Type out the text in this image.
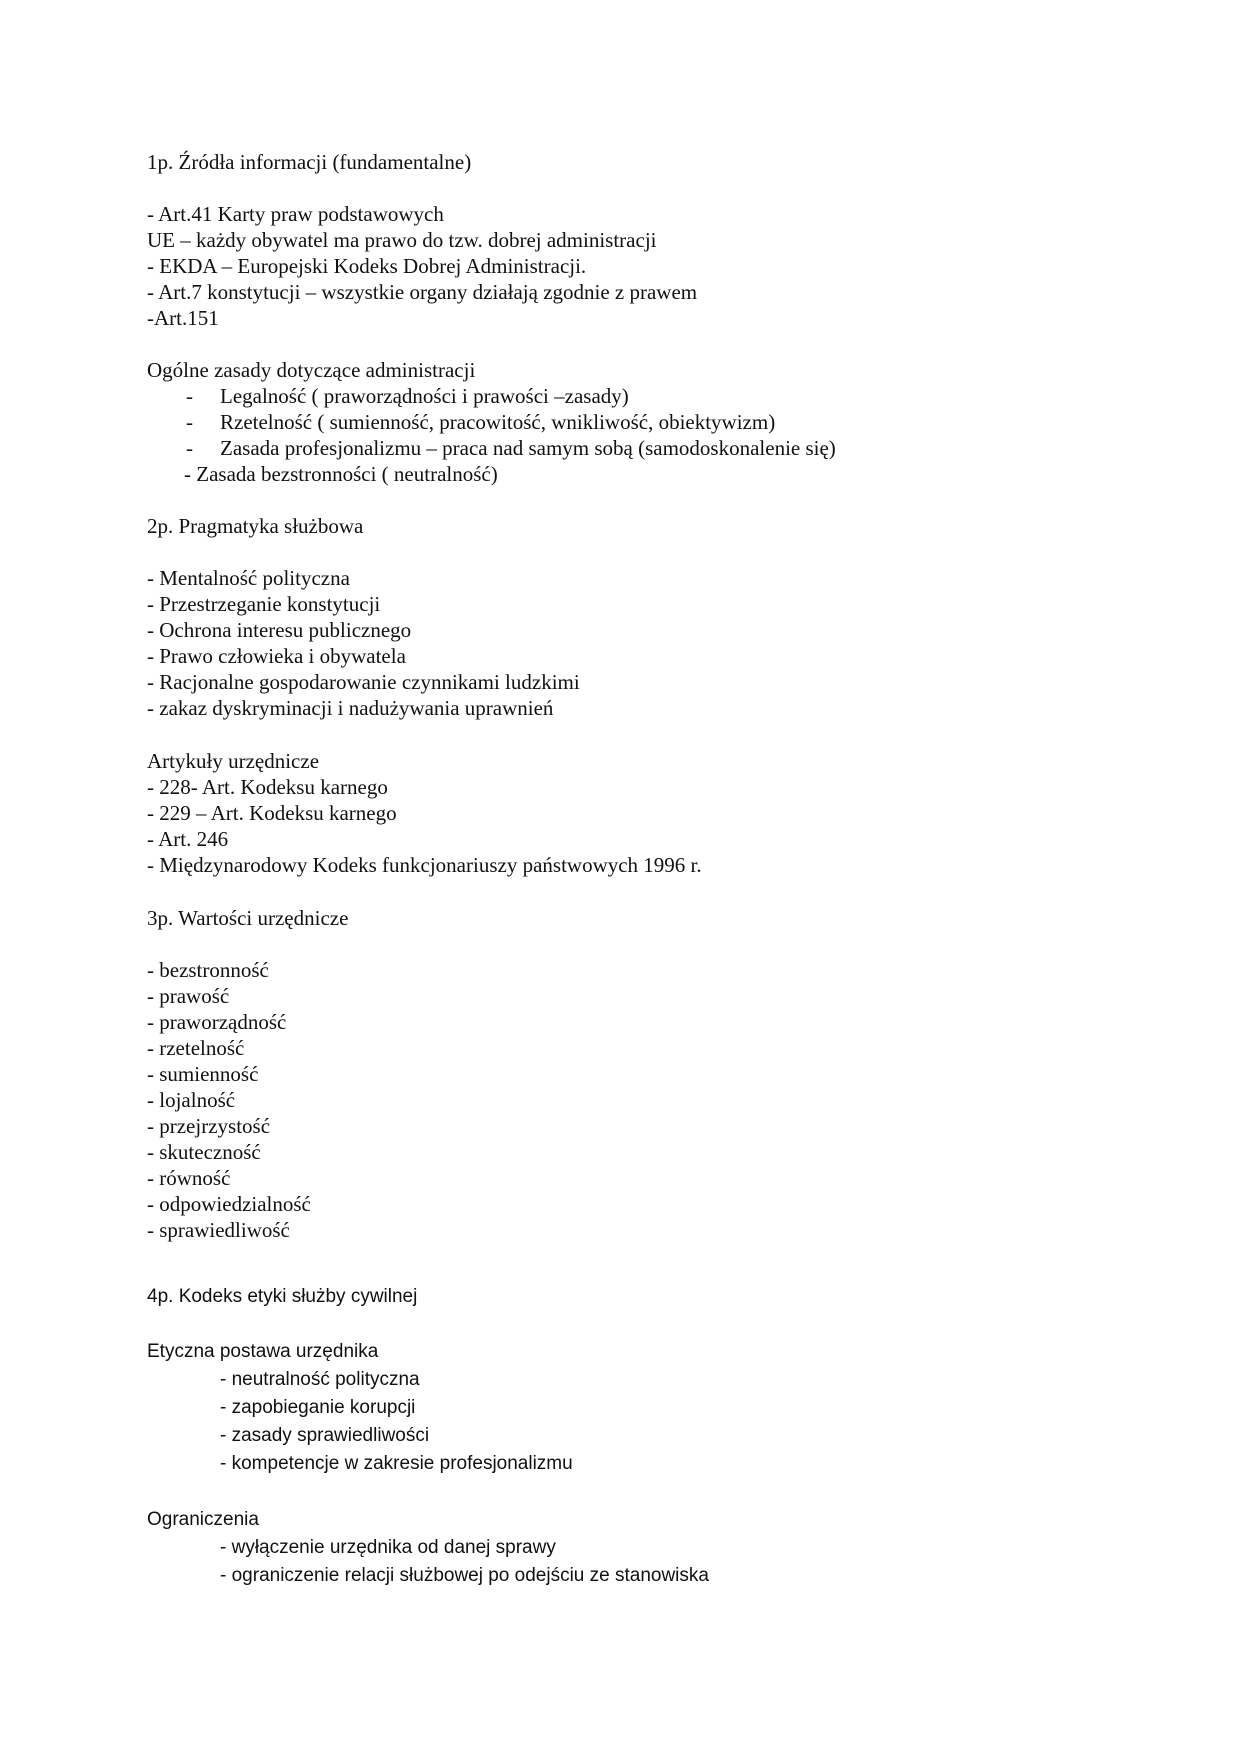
1p. Źródła informacji (fundamentalne)

- Art.41 Karty praw podstawowych

UE – każdy obywatel ma prawo do tzw. dobrej administracji

- EKDA – Europejski Kodeks Dobrej Administracji.

- Art.7 konstytucji – wszystkie organy działają zgodnie z prawem

-Art.151

Ogólne zasady dotyczące administracji

- Legalność ( praworządności i prawości –zasady)

- Rzetelność ( sumienność, pracowitość, wnikliwość, obiektywizm)

- Zasada profesjonalizmu – praca nad samym sobą (samodoskonalenie się)

- Zasada bezstronności ( neutralność)

2p. Pragmatyka służbowa

- Mentalność polityczna

- Przestrzeganie konstytucji

- Ochrona interesu publicznego

- Prawo człowieka i obywatela

- Racjonalne gospodarowanie czynnikami ludzkimi

- zakaz dyskryminacji i nadużywania uprawnień

Artykuły urzędnicze

- 228- Art. Kodeksu karnego

- 229 – Art. Kodeksu karnego

- Art. 246

- Międzynarodowy Kodeks funkcjonariuszy państwowych 1996 r.

3p. Wartości urzędnicze

- bezstronność

- prawość

- praworządność

- rzetelność

- sumienność

- lojalność

- przejrzystość

- skuteczność

- równość

- odpowiedzialność

- sprawiedliwość

4p. Kodeks etyki służby cywilnej

Etyczna postawa urzędnika

- neutralność polityczna

- zapobieganie korupcji

- zasady sprawiedliwości

- kompetencje w zakresie profesjonalizmu

Ograniczenia

- wyłączenie urzędnika od danej sprawy

- ograniczenie relacji służbowej po odejściu ze stanowiska
